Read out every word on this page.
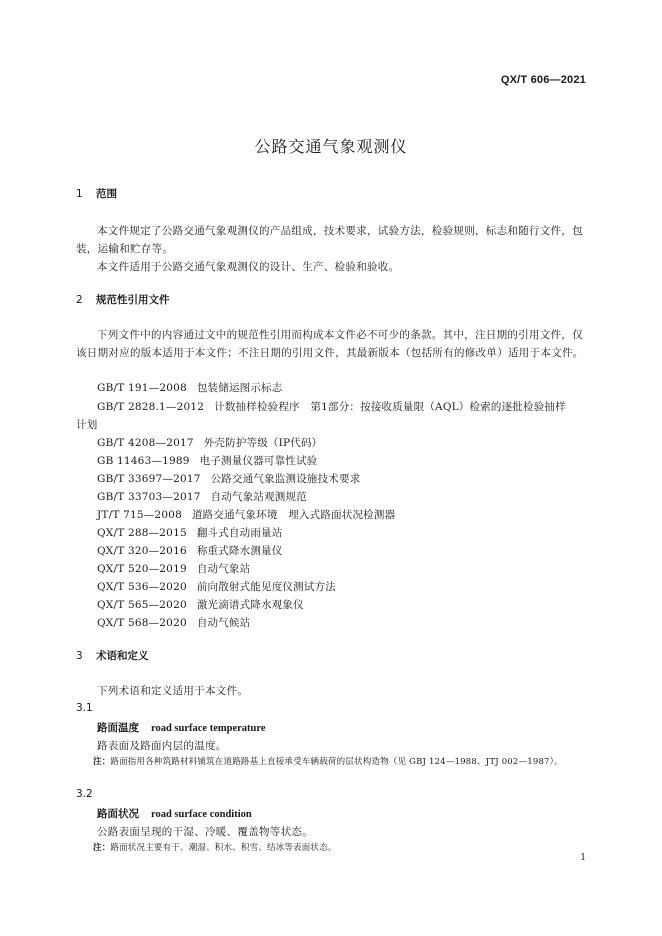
QX/T 606—2021
公路交通气象观测仪
1 范围
本文件规定了公路交通气象观测仪的产品组成，技术要求，试验方法，检验规则，标志和随行文件，包装，运输和贮存等。
本文件适用于公路交通气象观测仪的设计、生产、检验和验收。
2 规范性引用文件
下列文件中的内容通过文中的规范性引用而构成本文件必不可少的条款。其中，注日期的引用文件，仅该日期对应的版本适用于本文件；不注日期的引用文件，其最新版本（包括所有的修改单）适用于本文件。
GB/T 191—2008 包装储运图示标志
GB/T 2828.1—2012 计数抽样检验程序　第1部分：按接收质量限（AQL）检索的逐批检验抽样
计划
GB/T 4208—2017 外壳防护等级（IP代码）
GB 11463—1989 电子测量仪器可靠性试验
GB/T 33697—2017 公路交通气象监测设施技术要求
GB/T 33703—2017 自动气象站观测规范
JT/T 715—2008 道路交通气象环境　埋入式路面状况检测器
QX/T 288—2015 翻斗式自动雨量站
QX/T 320—2016 称重式降水测量仪
QX/T 520—2019 自动气象站
QX/T 536—2020 前向散射式能见度仪测试方法
QX/T 565—2020 激光滴谱式降水观象仪
QX/T 568—2020 自动气候站
3 术语和定义
下列术语和定义适用于本文件。
3.1
路面温度 road surface temperature
路表面及路面内层的温度。
注：路面指用各种筑路材料铺筑在道路路基上直接承受车辆载荷的层状构造物（见 GBJ 124—1988、JTJ 002—1987）。
3.2
路面状况 road surface condition
公路表面呈现的干湿、冷暖、覆盖物等状态。
注：路面状况主要有干、潮湿、积水、积雪、结冰等表面状态。
1
